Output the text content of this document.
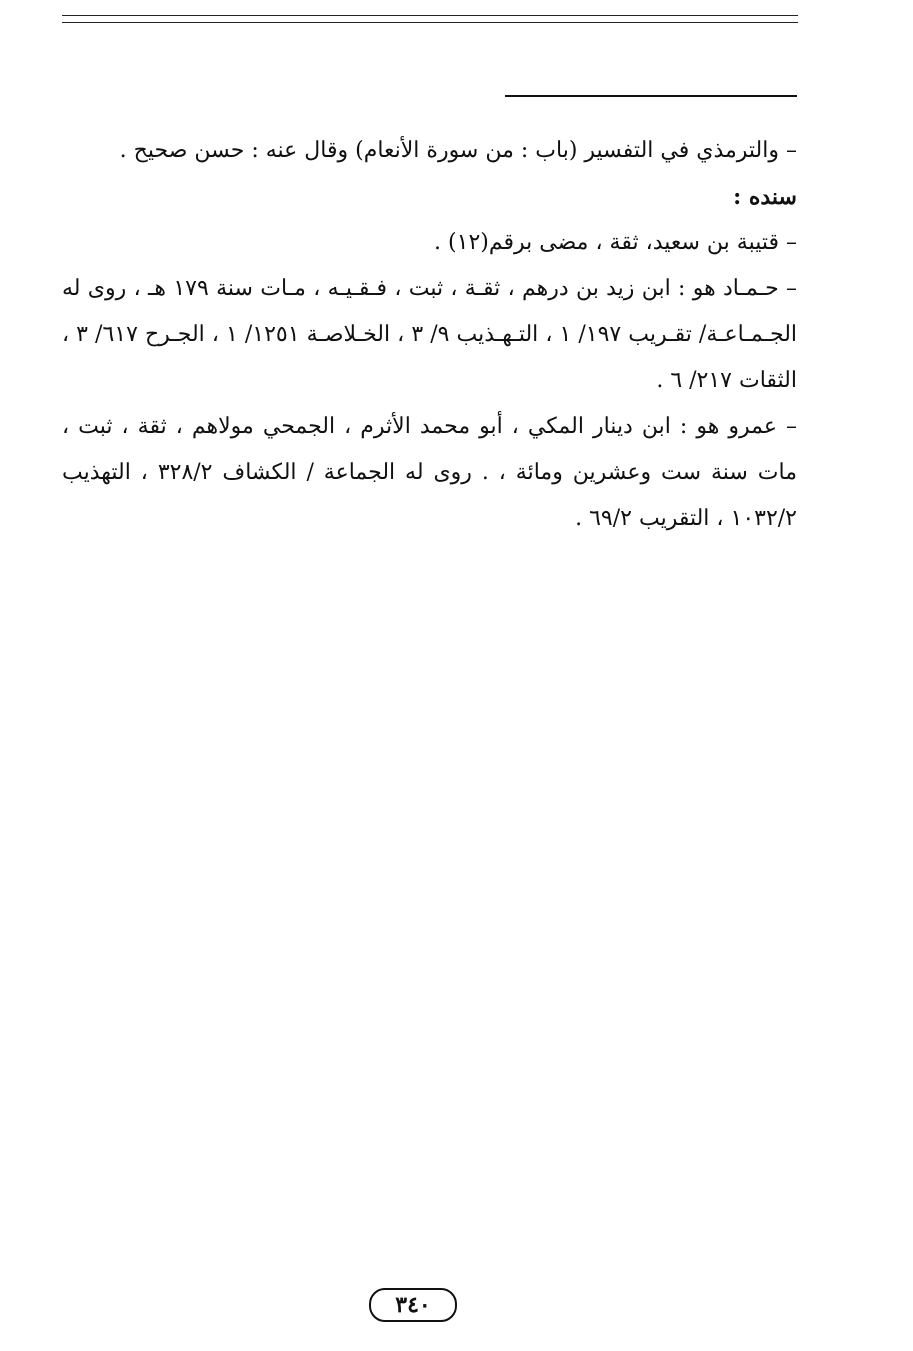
– والترمذي في التفسير (باب : من سورة الأنعام) وقال عنه : حسن صحيح .
سنده :
– قتيبة بن سعيد، ثقة ، مضى برقم(١٢) .
– حـمـاد هو : ابن زيد بن درهم ، ثقـة ، ثبت ، فـقـيـه ، مـات سنة ١٧٩ هـ ، روى له الجـمـاعـة/ تقـريب ١٩٧/ ١ ، التـهـذيب ٩/ ٣ ، الخـلاصـة ١٢٥١/ ١ ، الجـرح ٦١٧/ ٣ ، الثقات ٢١٧/ ٦ .
– عمرو هو : ابن دينار المكي ، أبو محمد الأثرم ، الجمحي مولاهم ، ثقة ، ثبت ، مات سنة ست وعشرين ومائة ، . روى له الجماعة / الكشاف ٣٢٨/٢ ، التهذيب ١٠٣٢/٢ ، التقريب ٦٩/٢ .
٣٤٠
